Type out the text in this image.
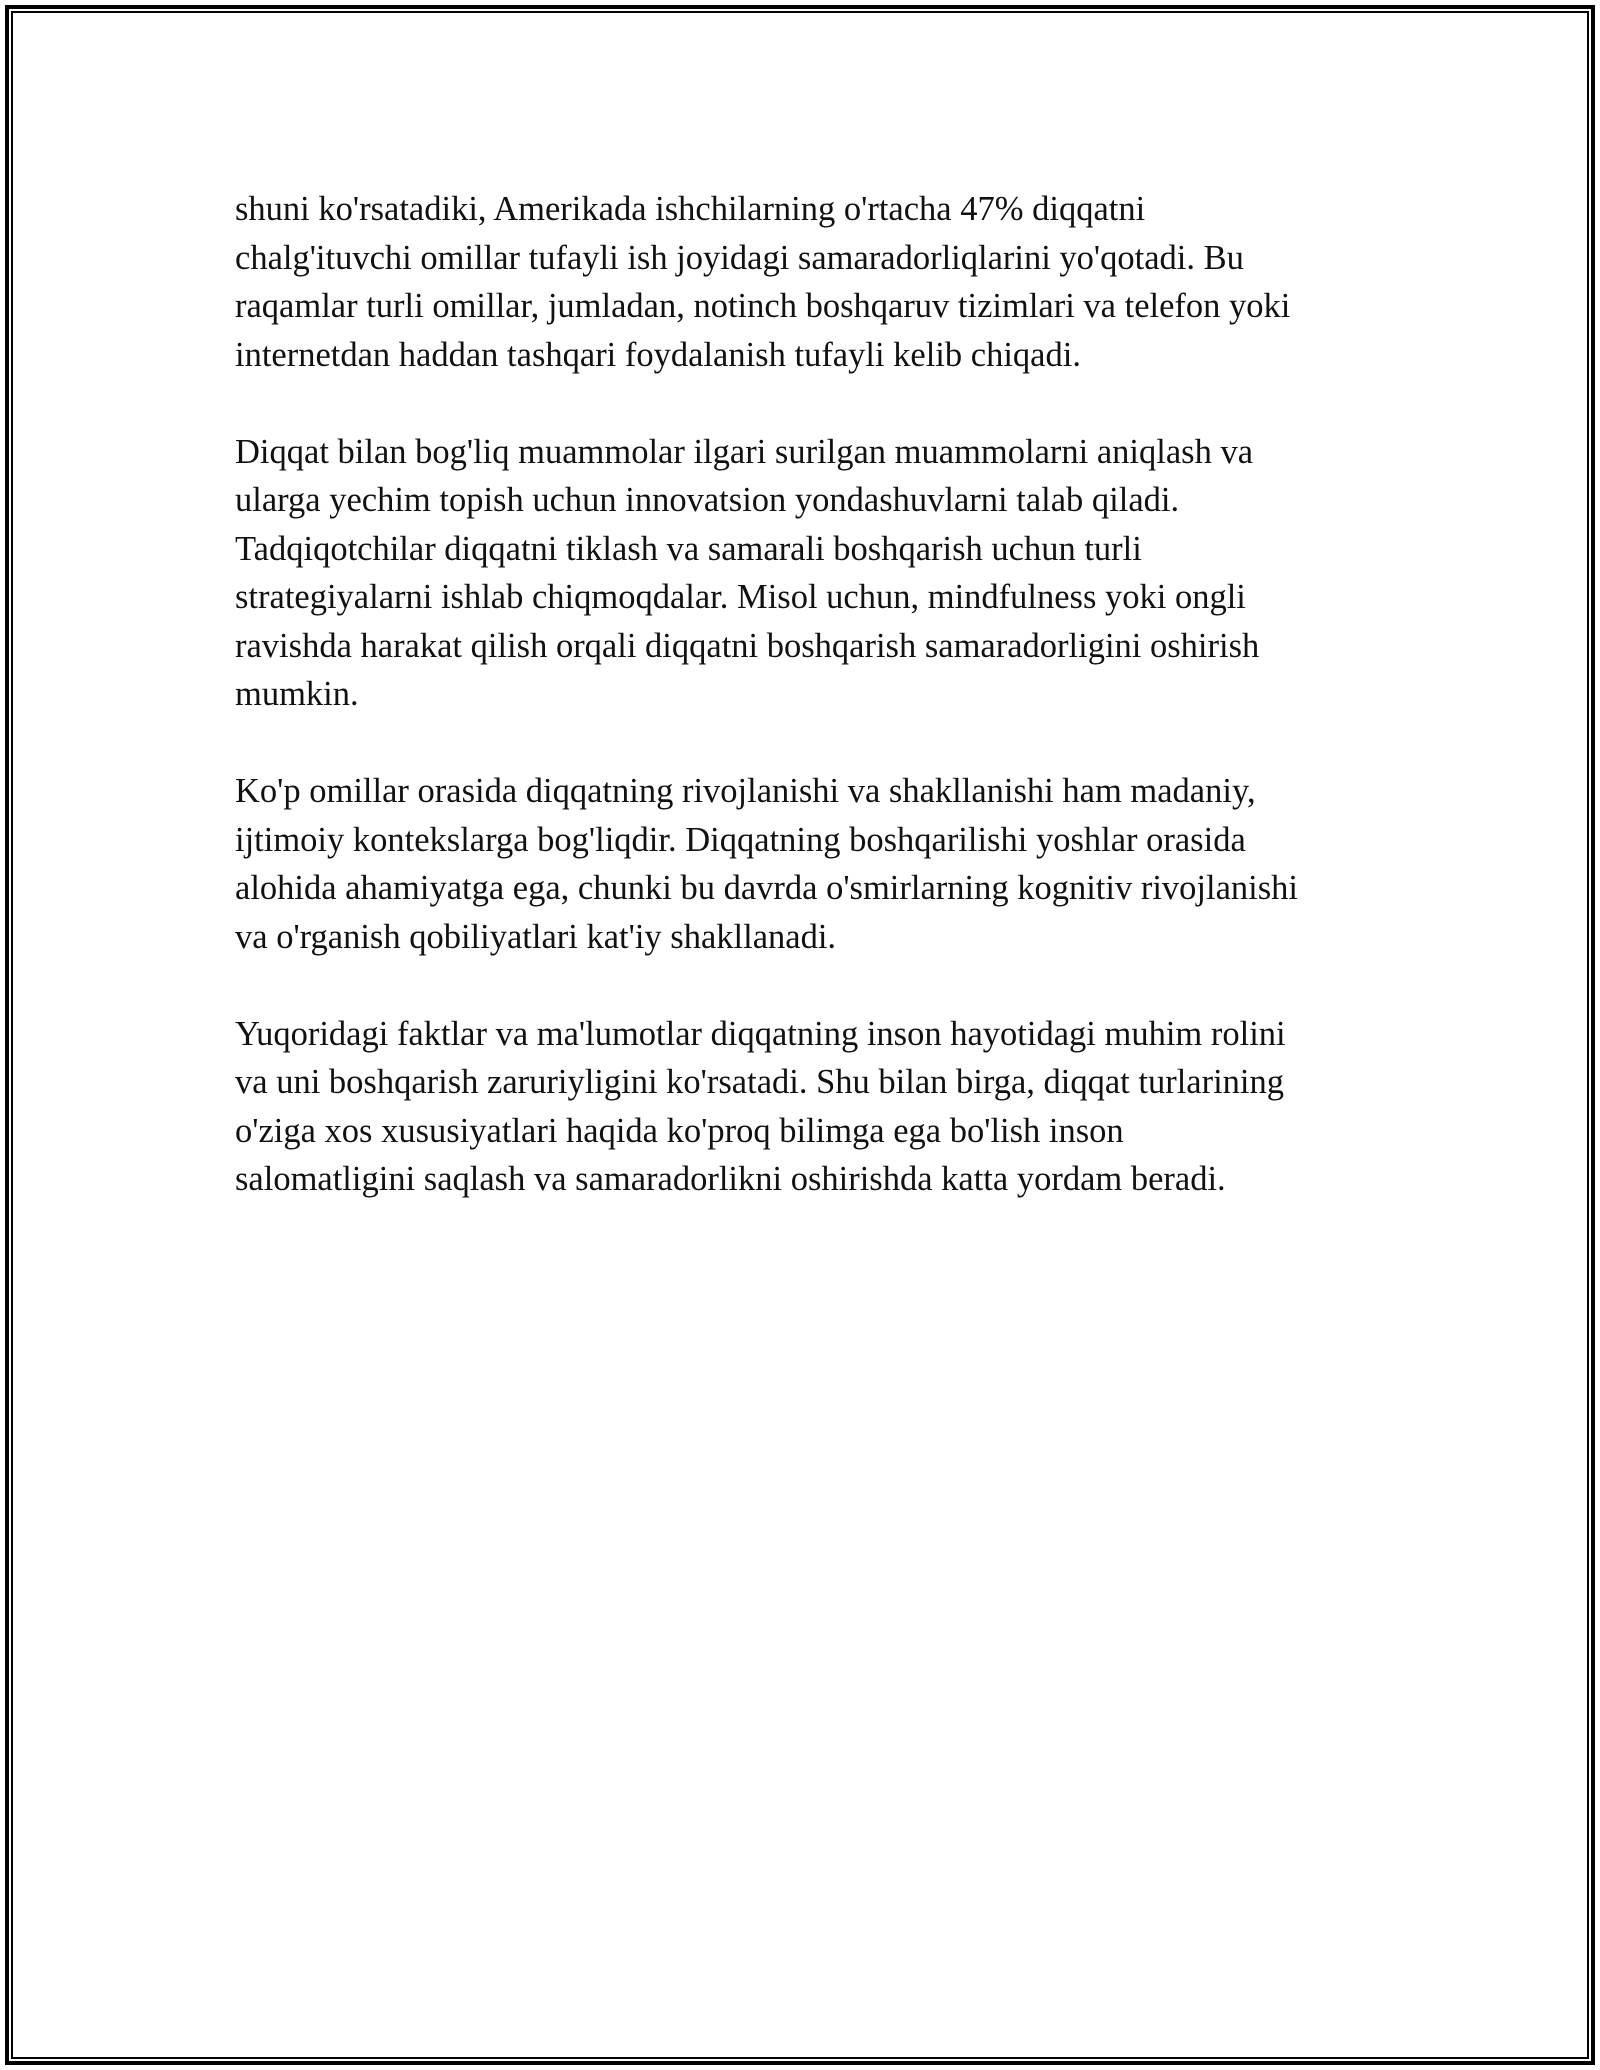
shuni ko'rsatadiki, Amerikada ishchilarning o'rtacha 47% diqqatni
chalg'ituvchi omillar tufayli ish joyidagi samaradorliqlarini yo'qotadi. Bu
raqamlar turli omillar, jumladan, notinch boshqaruv tizimlari va telefon yoki
internetdan haddan tashqari foydalanish tufayli kelib chiqadi.

Diqqat bilan bog'liq muammolar ilgari surilgan muammolarni aniqlash va
ularga yechim topish uchun innovatsion yondashuvlarni talab qiladi.
Tadqiqotchilar diqqatni tiklash va samarali boshqarish uchun turli
strategiyalarni ishlab chiqmoqdalar. Misol uchun, mindfulness yoki ongli
ravishda harakat qilish orqali diqqatni boshqarish samaradorligini oshirish
mumkin.

Ko'p omillar orasida diqqatning rivojlanishi va shakllanishi ham madaniy,
ijtimoiy kontekslarga bog'liqdir. Diqqatning boshqarilishi yoshlar orasida
alohida ahamiyatga ega, chunki bu davrda o'smirlarning kognitiv rivojlanishi
va o'rganish qobiliyatlari kat'iy shakllanadi.

Yuqoridagi faktlar va ma'lumotlar diqqatning inson hayotidagi muhim rolini
va uni boshqarish zaruriyligini ko'rsatadi. Shu bilan birga, diqqat turlarining
o'ziga xos xususiyatlari haqida ko'proq bilimga ega bo'lish inson
salomatligini saqlash va samaradorlikni oshirishda katta yordam beradi.
